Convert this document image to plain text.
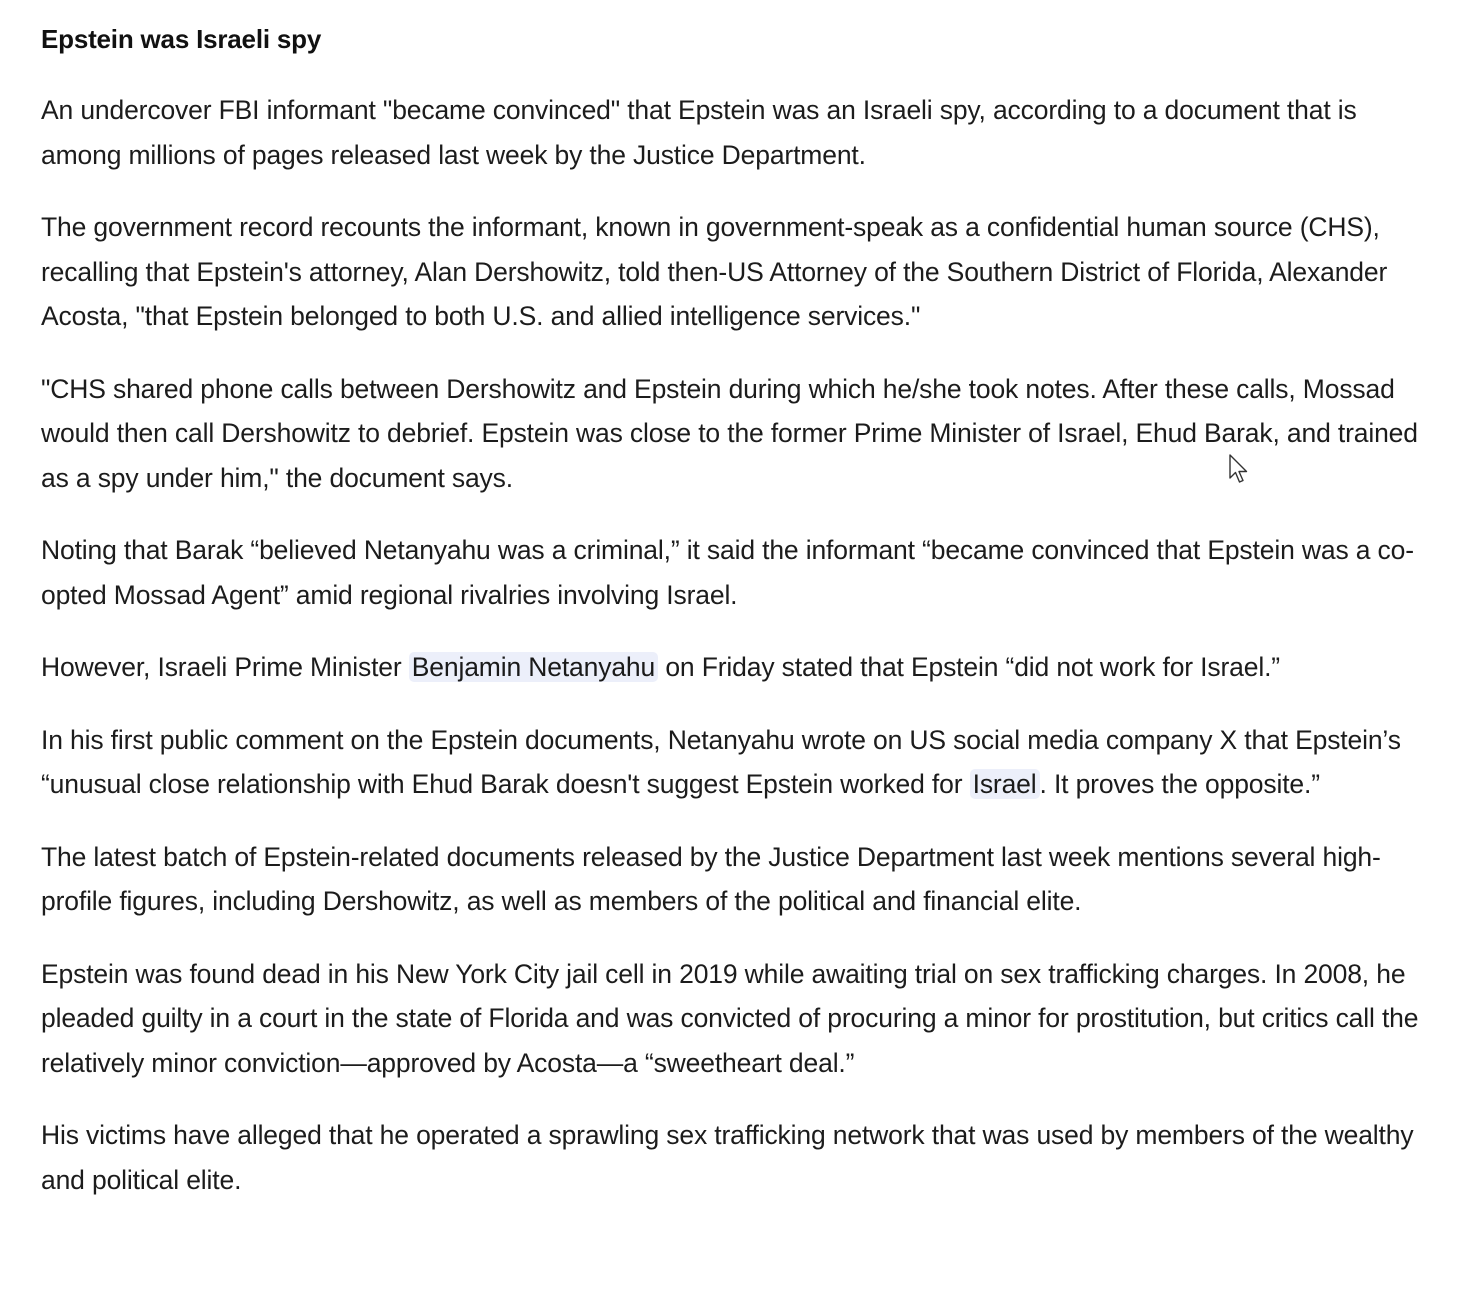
Epstein was Israeli spy

An undercover FBI informant "became convinced" that Epstein was an Israeli spy, according to a document that is among millions of pages released last week by the Justice Department.

The government record recounts the informant, known in government-speak as a confidential human source (CHS), recalling that Epstein's attorney, Alan Dershowitz, told then-US Attorney of the Southern District of Florida, Alexander Acosta, "that Epstein belonged to both U.S. and allied intelligence services."

"CHS shared phone calls between Dershowitz and Epstein during which he/she took notes. After these calls, Mossad would then call Dershowitz to debrief. Epstein was close to the former Prime Minister of Israel, Ehud Barak, and trained as a spy under him," the document says.

Noting that Barak “believed Netanyahu was a criminal,” it said the informant “became convinced that Epstein was a co-opted Mossad Agent” amid regional rivalries involving Israel.

However, Israeli Prime Minister Benjamin Netanyahu on Friday stated that Epstein “did not work for Israel.”

In his first public comment on the Epstein documents, Netanyahu wrote on US social media company X that Epstein’s “unusual close relationship with Ehud Barak doesn't suggest Epstein worked for Israel . It proves the opposite.”

The latest batch of Epstein-related documents released by the Justice Department last week mentions several high-profile figures, including Dershowitz, as well as members of the political and financial elite.

Epstein was found dead in his New York City jail cell in 2019 while awaiting trial on sex trafficking charges. In 2008, he pleaded guilty in a court in the state of Florida and was convicted of procuring a minor for prostitution, but critics call the relatively minor conviction—approved by Acosta—a “sweetheart deal.”

His victims have alleged that he operated a sprawling sex trafficking network that was used by members of the wealthy and political elite.
